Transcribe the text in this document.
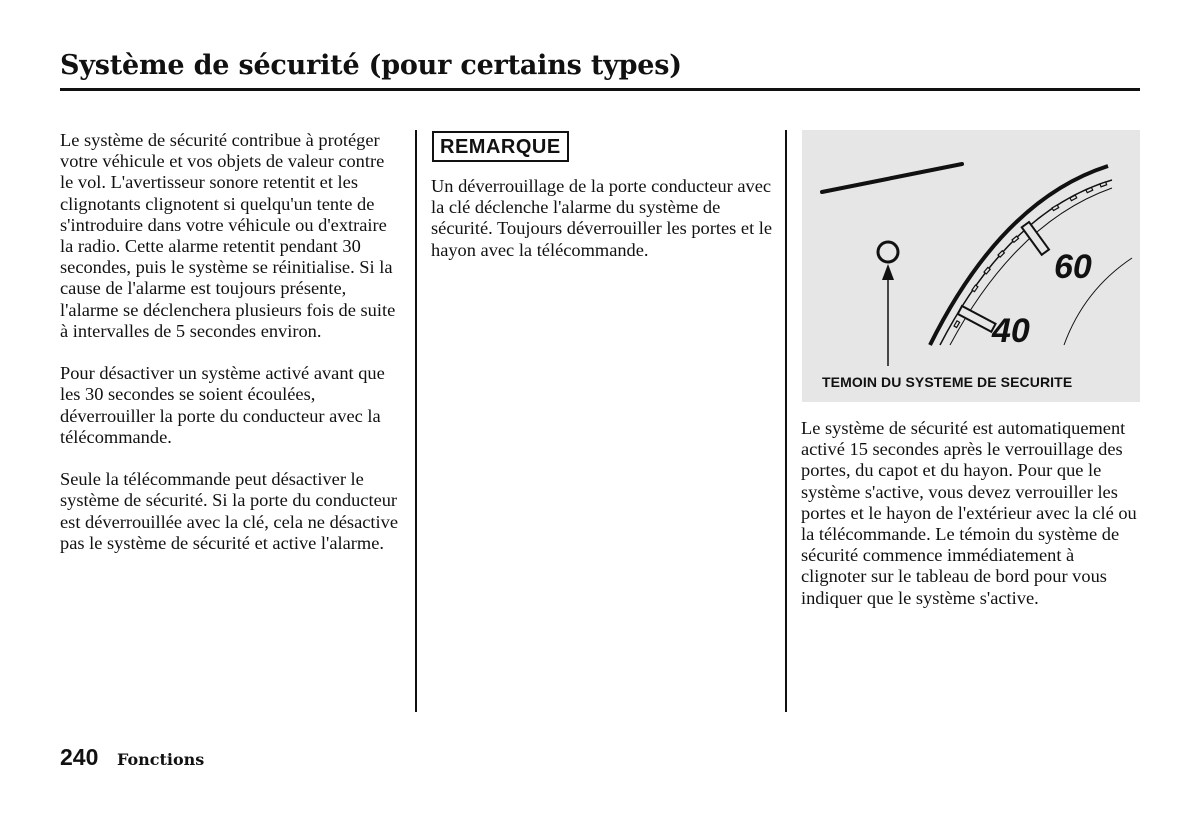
Système de sécurité (pour certains types)

Le système de sécurité contribue à protéger votre véhicule et vos objets de valeur contre le vol. L'avertisseur sonore retentit et les clignotants clignotent si quelqu'un tente de s'introduire dans votre véhicule ou d'extraire la radio. Cette alarme retentit pendant 30 secondes, puis le système se réinitialise. Si la cause de l'alarme est toujours présente, l'alarme se déclenchera plusieurs fois de suite à intervalles de 5 secondes environ.

Pour désactiver un système activé avant que les 30 secondes se soient écoulées, déverrouiller la porte du conducteur avec la télécommande.

Seule la télécommande peut désactiver le système de sécurité. Si la porte du conducteur est déverrouillée avec la clé, cela ne désactive pas le système de sécurité et active l'alarme.

REMARQUE

Un déverrouillage de la porte conducteur avec la clé déclenche l'alarme du système de sécurité. Toujours déverrouiller les portes et le hayon avec la télécommande.

40
60
TEMOIN DU SYSTEME DE SECURITE

Le système de sécurité est automatiquement activé 15 secondes après le verrouillage des portes, du capot et du hayon. Pour que le système s'active, vous devez verrouiller les portes et le hayon de l'extérieur avec la clé ou la télécommande. Le témoin du système de sécurité commence immédiatement à clignoter sur le tableau de bord pour vous indiquer que le système s'active.

240 Fonctions
